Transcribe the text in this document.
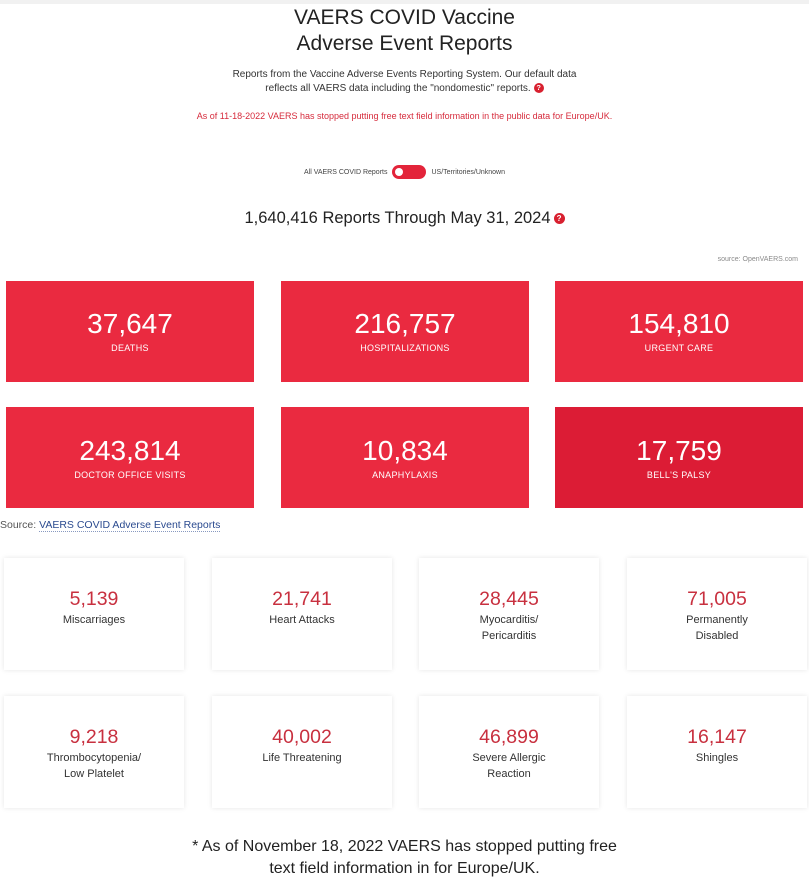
VAERS COVID Vaccine
Adverse Event Reports
Reports from the Vaccine Adverse Events Reporting System. Our default data
reflects all VAERS data including the "nondomestic" reports. ?
As of 11-18-2022 VAERS has stopped putting free text field information in the public data for Europe/UK.
All VAERS COVID Reports	US/Territories/Unknown
1,640,416 Reports Through May 31, 2024 ?
source: OpenVAERS.com
37,647
DEATHS
216,757
HOSPITALIZATIONS
154,810
URGENT CARE
243,814
DOCTOR OFFICE VISITS
10,834
ANAPHYLAXIS
17,759
BELL'S PALSY
Source: VAERS COVID Adverse Event Reports
5,139
Miscarriages
21,741
Heart Attacks
28,445
Myocarditis/
Pericarditis
71,005
Permanently
Disabled
9,218
Thrombocytopenia/
Low Platelet
40,002
Life Threatening
46,899
Severe Allergic
Reaction
16,147
Shingles
* As of November 18, 2022 VAERS has stopped putting free
text field information in for Europe/UK.
